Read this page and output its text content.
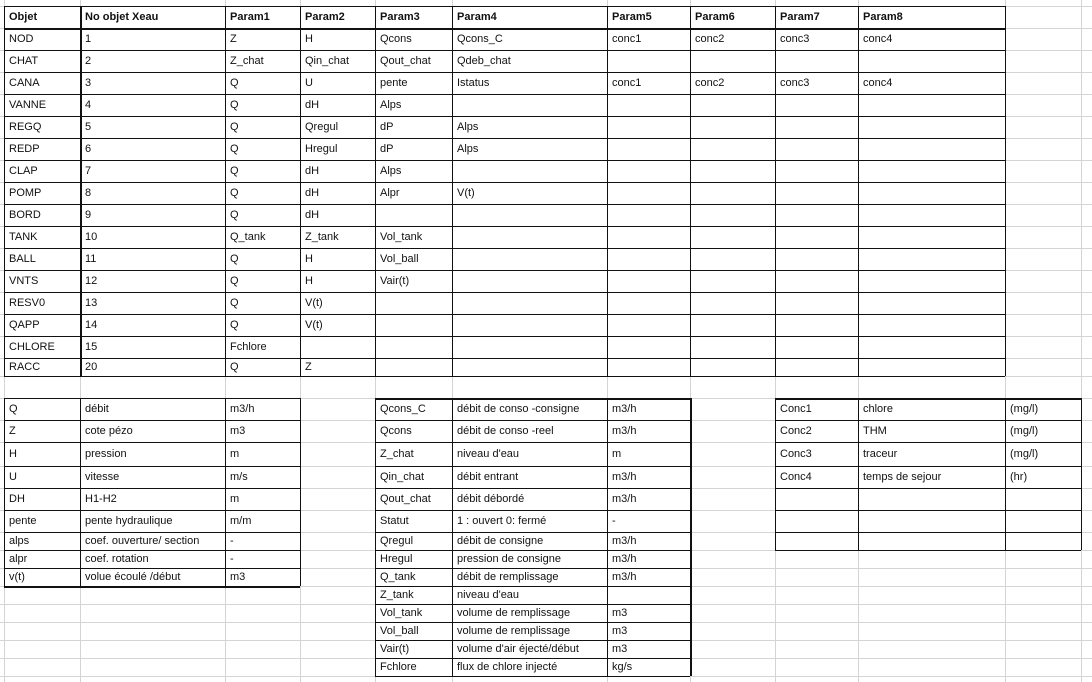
Objet	No objet Xeau	Param1	Param2	Param3	Param4	Param5	Param6	Param7	Param8
NOD	1	Z	H	Qcons	Qcons_C	conc1	conc2	conc3	conc4
CHAT	2	Z_chat	Qin_chat	Qout_chat	Qdeb_chat
CANA	3	Q	U	pente	Istatus	conc1	conc2	conc3	conc4
VANNE	4	Q	dH	Alps
REGQ	5	Q	Qregul	dP	Alps
REDP	6	Q	Hregul	dP	Alps
CLAP	7	Q	dH	Alps
POMP	8	Q	dH	Alpr	V(t)
BORD	9	Q	dH
TANK	10	Q_tank	Z_tank	Vol_tank
BALL	11	Q	H	Vol_ball
VNTS	12	Q	H	Vair(t)
RESV0	13	Q	V(t)
QAPP	14	Q	V(t)
CHLORE	15	Fchlore
RACC	20	Q	Z
Q	débit	m3/h
Z	cote pézo	m3
H	pression	m
U	vitesse	m/s
DH	H1-H2	m
pente	pente hydraulique	m/m
alps	coef. ouverture/ section	-
alpr	coef. rotation	-
v(t)	volue écoulé /début	m3
Qcons_C	débit de conso -consigne	m3/h
Qcons	débit de conso -reel	m3/h
Z_chat	niveau d'eau	m
Qin_chat	débit entrant	m3/h
Qout_chat	débit débordé	m3/h
Statut	1 : ouvert 0: fermé	-
Qregul	débit de consigne	m3/h
Hregul	pression de consigne	m3/h
Q_tank	débit de remplissage	m3/h
Z_tank	niveau d'eau
Vol_tank	volume de remplissage	m3
Vol_ball	volume de remplissage	m3
Vair(t)	volume d'air éjecté/début	m3
Fchlore	flux de chlore injecté	kg/s
Conc1	chlore	(mg/l)
Conc2	THM	(mg/l)
Conc3	traceur	(mg/l)
Conc4	temps de sejour	(hr)
